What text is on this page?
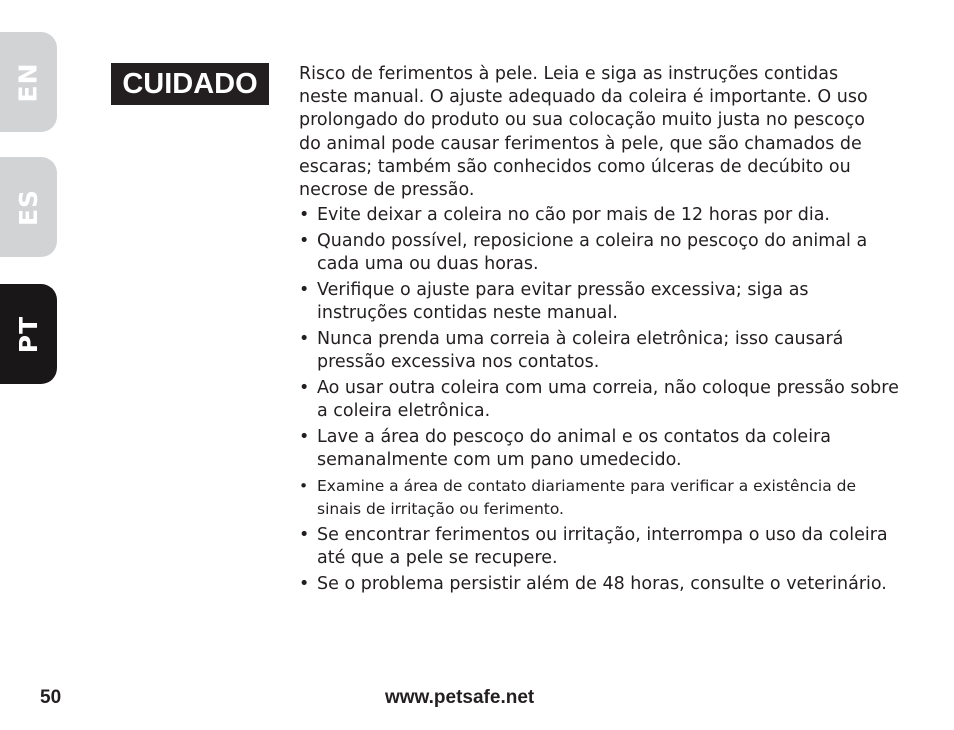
EN
ES
PT
CUIDADO	Risco de ferimentos à pele. Leia e siga as instruções contidas neste manual. O ajuste adequado da coleira é importante. O uso prolongado do produto ou sua colocação muito justa no pescoço do animal pode causar ferimentos à pele, que são chamados de escaras; também são conhecidos como úlceras de decúbito ou necrose de pressão.

• Evite deixar a coleira no cão por mais de 12 horas por dia.
• Quando possível, reposicione a coleira no pescoço do animal a cada uma ou duas horas.
• Verifique o ajuste para evitar pressão excessiva; siga as instruções contidas neste manual.
• Nunca prenda uma correia à coleira eletrônica; isso causará pressão excessiva nos contatos.
• Ao usar outra coleira com uma correia, não coloque pressão sobre a coleira eletrônica.
• Lave a área do pescoço do animal e os contatos da coleira semanalmente com um pano umedecido.
• Examine a área de contato diariamente para verificar a existência de sinais de irritação ou ferimento.
• Se encontrar ferimentos ou irritação, interrompa o uso da coleira até que a pele se recupere.
• Se o problema persistir além de 48 horas, consulte o veterinário.
50	www.petsafe.net
